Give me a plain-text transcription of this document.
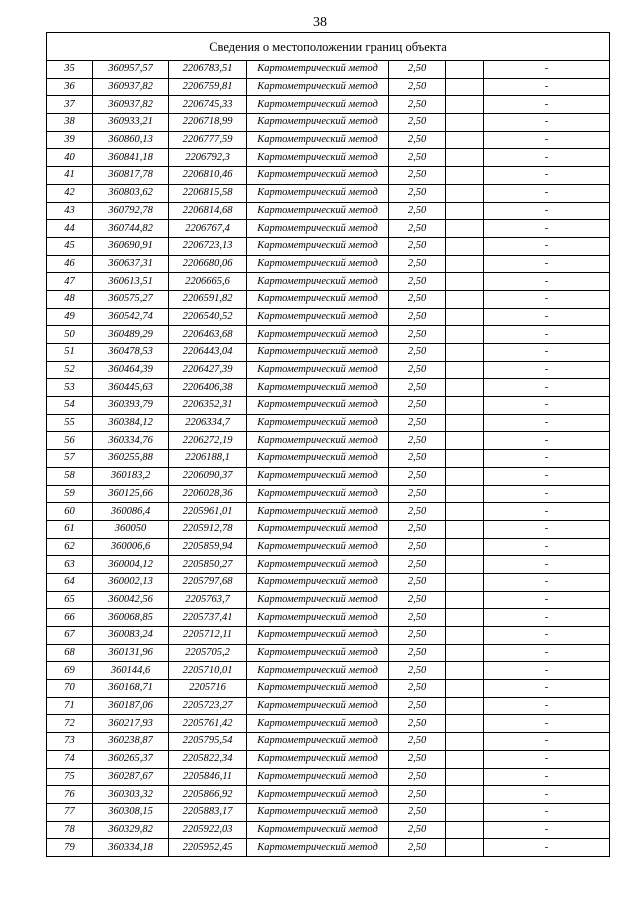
38
Сведения о местоположении границ объекта						
35	360957,57	2206783,51	Картометрический метод	2,50		-
36	360937,82	2206759,81	Картометрический метод	2,50		-
37	360937,82	2206745,33	Картометрический метод	2,50		-
38	360933,21	2206718,99	Картометрический метод	2,50		-
39	360860,13	2206777,59	Картометрический метод	2,50		-
40	360841,18	2206792,3	Картометрический метод	2,50		-
41	360817,78	2206810,46	Картометрический метод	2,50		-
42	360803,62	2206815,58	Картометрический метод	2,50		-
43	360792,78	2206814,68	Картометрический метод	2,50		-
44	360744,82	2206767,4	Картометрический метод	2,50		-
45	360690,91	2206723,13	Картометрический метод	2,50		-
46	360637,31	2206680,06	Картометрический метод	2,50		-
47	360613,51	2206665,6	Картометрический метод	2,50		-
48	360575,27	2206591,82	Картометрический метод	2,50		-
49	360542,74	2206540,52	Картометрический метод	2,50		-
50	360489,29	2206463,68	Картометрический метод	2,50		-
51	360478,53	2206443,04	Картометрический метод	2,50		-
52	360464,39	2206427,39	Картометрический метод	2,50		-
53	360445,63	2206406,38	Картометрический метод	2,50		-
54	360393,79	2206352,31	Картометрический метод	2,50		-
55	360384,12	2206334,7	Картометрический метод	2,50		-
56	360334,76	2206272,19	Картометрический метод	2,50		-
57	360255,88	2206188,1	Картометрический метод	2,50		-
58	360183,2	2206090,37	Картометрический метод	2,50		-
59	360125,66	2206028,36	Картометрический метод	2,50		-
60	360086,4	2205961,01	Картометрический метод	2,50		-
61	360050	2205912,78	Картометрический метод	2,50		-
62	360006,6	2205859,94	Картометрический метод	2,50		-
63	360004,12	2205850,27	Картометрический метод	2,50		-
64	360002,13	2205797,68	Картометрический метод	2,50		-
65	360042,56	2205763,7	Картометрический метод	2,50		-
66	360068,85	2205737,41	Картометрический метод	2,50		-
67	360083,24	2205712,11	Картометрический метод	2,50		-
68	360131,96	2205705,2	Картометрический метод	2,50		-
69	360144,6	2205710,01	Картометрический метод	2,50		-
70	360168,71	2205716	Картометрический метод	2,50		-
71	360187,06	2205723,27	Картометрический метод	2,50		-
72	360217,93	2205761,42	Картометрический метод	2,50		-
73	360238,87	2205795,54	Картометрический метод	2,50		-
74	360265,37	2205822,34	Картометрический метод	2,50		-
75	360287,67	2205846,11	Картометрический метод	2,50		-
76	360303,32	2205866,92	Картометрический метод	2,50		-
77	360308,15	2205883,17	Картометрический метод	2,50		-
78	360329,82	2205922,03	Картометрический метод	2,50		-
79	360334,18	2205952,45	Картометрический метод	2,50		-
